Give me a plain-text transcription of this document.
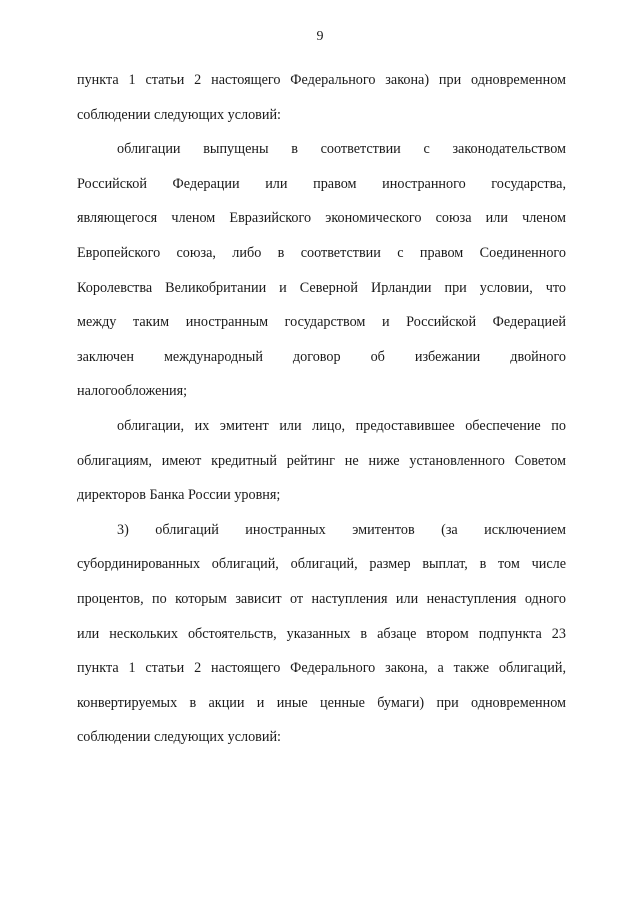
9
пункта 1 статьи 2 настоящего Федерального закона) при одновременном
соблюдении следующих условий:
облигации выпущены в соответствии с законодательством
Российской Федерации или правом иностранного государства,
являющегося членом Евразийского экономического союза или членом
Европейского союза, либо в соответствии с правом Соединенного
Королевства Великобритании и Северной Ирландии при условии, что
между таким иностранным государством и Российской Федерацией
заключен международный договор об избежании двойного
налогообложения;
облигации, их эмитент или лицо, предоставившее обеспечение по
облигациям, имеют кредитный рейтинг не ниже установленного Советом
директоров Банка России уровня;
3) облигаций иностранных эмитентов (за исключением
субординированных облигаций, облигаций, размер выплат, в том числе
процентов, по которым зависит от наступления или ненаступления одного
или нескольких обстоятельств, указанных в абзаце втором подпункта 23
пункта 1 статьи 2 настоящего Федерального закона, а также облигаций,
конвертируемых в акции и иные ценные бумаги) при одновременном
соблюдении следующих условий:
